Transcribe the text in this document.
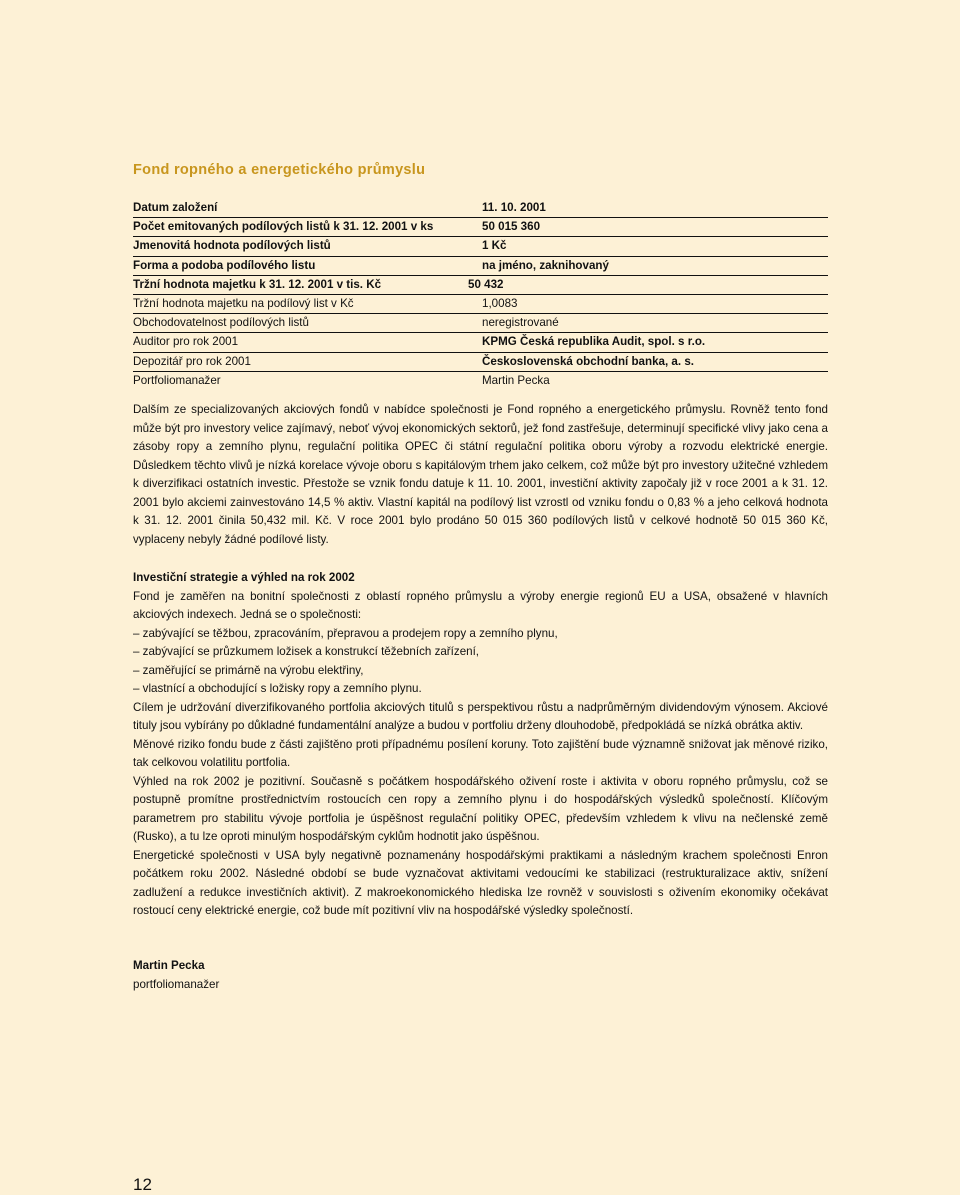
Fond ropného a energetického průmyslu
Datum založení	11. 10. 2001
Počet emitovaných podílových listů k 31. 12. 2001 v ks	50 015 360
Jmenovitá hodnota podílových listů	1 Kč
Forma a podoba podílového listu	na jméno, zaknihovaný
Tržní hodnota majetku k 31. 12. 2001 v tis. Kč	50 432
Tržní hodnota majetku na podílový list v Kč	1,0083
Obchodovatelnost podílových listů	neregistrované
Auditor pro rok 2001	KPMG Česká republika Audit, spol. s r.o.
Depozitář pro rok 2001	Československá obchodní banka, a. s.
Portfoliomanažer	Martin Pecka

Dalším ze specializovaných akciových fondů v nabídce společnosti je Fond ropného a energetického průmyslu. Rovněž tento fond může být pro investory velice zajímavý, neboť vývoj ekonomických sektorů, jež fond zastřešuje, determinují specifické vlivy jako cena a zásoby ropy a zemního plynu, regulační politika OPEC či státní regulační politika oboru výroby a rozvodu elektrické energie. Důsledkem těchto vlivů je nízká korelace vývoje oboru s kapitálovým trhem jako celkem, což může být pro investory užitečné vzhledem k diverzifikaci ostatních investic. Přestože se vznik fondu datuje k 11. 10. 2001, investiční aktivity započaly již v roce 2001 a k 31. 12. 2001 bylo akciemi zainvestováno 14,5 % aktiv. Vlastní kapitál na podílový list vzrostl od vzniku fondu o 0,83 % a jeho celková hodnota k 31. 12. 2001 činila 50,432 mil. Kč. V roce 2001 bylo prodáno 50 015 360 podílových listů v celkové hodnotě 50 015 360 Kč, vyplaceny nebyly žádné podílové listy.

Investiční strategie a výhled na rok 2002

Fond je zaměřen na bonitní společnosti z oblastí ropného průmyslu a výroby energie regionů EU a USA, obsažené v hlavních akciových indexech. Jedná se o společnosti:

– zabývající se těžbou, zpracováním, přepravou a prodejem ropy a zemního plynu,

– zabývající se průzkumem ložisek a konstrukcí těžebních zařízení,

– zaměřující se primárně na výrobu elektřiny,

– vlastnící a obchodující s ložisky ropy a zemního plynu.

Cílem je udržování diverzifikovaného portfolia akciových titulů s perspektivou růstu a nadprůměrným dividendovým výnosem. Akciové tituly jsou vybírány po důkladné fundamentální analýze a budou v portfoliu drženy dlouhodobě, předpokládá se nízká obrátka aktiv.

Měnové riziko fondu bude z části zajištěno proti případnému posílení koruny. Toto zajištění bude významně snižovat jak měnové riziko, tak celkovou volatilitu portfolia.

Výhled na rok 2002 je pozitivní. Současně s počátkem hospodářského oživení roste i aktivita v oboru ropného průmyslu, což se postupně promítne prostřednictvím rostoucích cen ropy a zemního plynu i do hospodářských výsledků společností. Klíčovým parametrem pro stabilitu vývoje portfolia je úspěšnost regulační politiky OPEC, především vzhledem k vlivu na nečlenské země (Rusko), a tu lze oproti minulým hospodářským cyklům hodnotit jako úspěšnou.

Energetické společnosti v USA byly negativně poznamenány hospodářskými praktikami a následným krachem společnosti Enron počátkem roku 2002. Následné období se bude vyznačovat aktivitami vedoucími ke stabilizaci (restrukturalizace aktiv, snížení zadlužení a redukce investičních aktivit). Z makroekonomického hlediska lze rovněž v souvislosti s oživením ekonomiky očekávat rostoucí ceny elektrické energie, což bude mít pozitivní vliv na hospodářské výsledky společností.

Martin Pecka
portfoliomanažer
12
